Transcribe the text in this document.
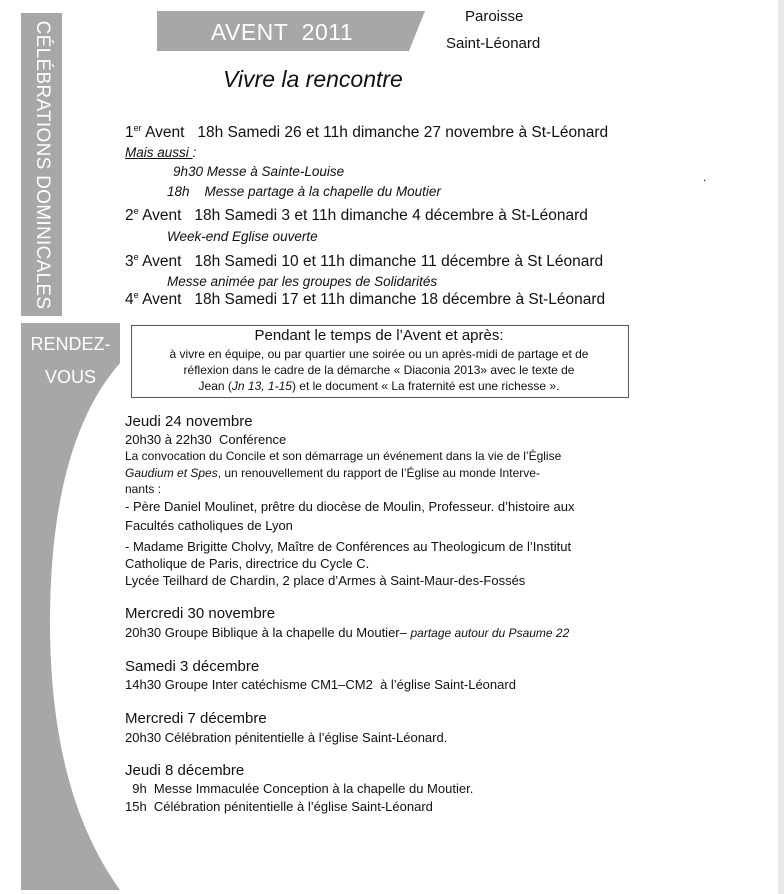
CÉLÉBRATIONS DOMINICALES
RENDEZ-
VOUS
AVENT  2011
Paroisse
Saint-Léonard
Vivre la rencontre
1er Avent   18h Samedi 26 et 11h dimanche 27 novembre à St-Léonard
Mais aussi :
9h30 Messe à Sainte-Louise
18h    Messe partage à la chapelle du Moutier
2e Avent   18h Samedi 3 et 11h dimanche 4 décembre à St-Léonard
Week-end Eglise ouverte
3e Avent   18h Samedi 10 et 11h dimanche 11 décembre à St Léonard
Messe animée par les groupes de Solidarités
4e Avent   18h Samedi 17 et 11h dimanche 18 décembre à St-Léonard
.
Pendant le temps de l’Avent et après:
à vivre en équipe, ou par quartier une soirée ou un après-midi de partage et de
réflexion dans le cadre de la démarche « Diaconia 2013» avec le texte de
Jean (Jn 13, 1-15) et le document « La fraternité est une richesse ».
Jeudi 24 novembre
20h30 à 22h30  Conférence
La convocation du Concile et son démarrage un événement dans la vie de l’Église
Gaudium et Spes, un renouvellement du rapport de l’Église au monde Interve-
nants :
- Père Daniel Moulinet, prêtre du diocèse de Moulin, Professeur. d’histoire aux
Facultés catholiques de Lyon
- Madame Brigitte Cholvy, Maître de Conférences au Theologicum de l’Institut
Catholique de Paris, directrice du Cycle C.
Lycée Teilhard de Chardin, 2 place d’Armes à Saint-Maur-des-Fossés
Mercredi 30 novembre
20h30 Groupe Biblique à la chapelle du Moutier– partage autour du Psaume 22
Samedi 3 décembre
14h30 Groupe Inter catéchisme CM1–CM2  à l’église Saint-Léonard
Mercredi 7 décembre
20h30 Célébration pénitentielle à l’église Saint-Léonard.
Jeudi 8 décembre
9h  Messe Immaculée Conception à la chapelle du Moutier.
15h  Célébration pénitentielle à l’église Saint-Léonard
